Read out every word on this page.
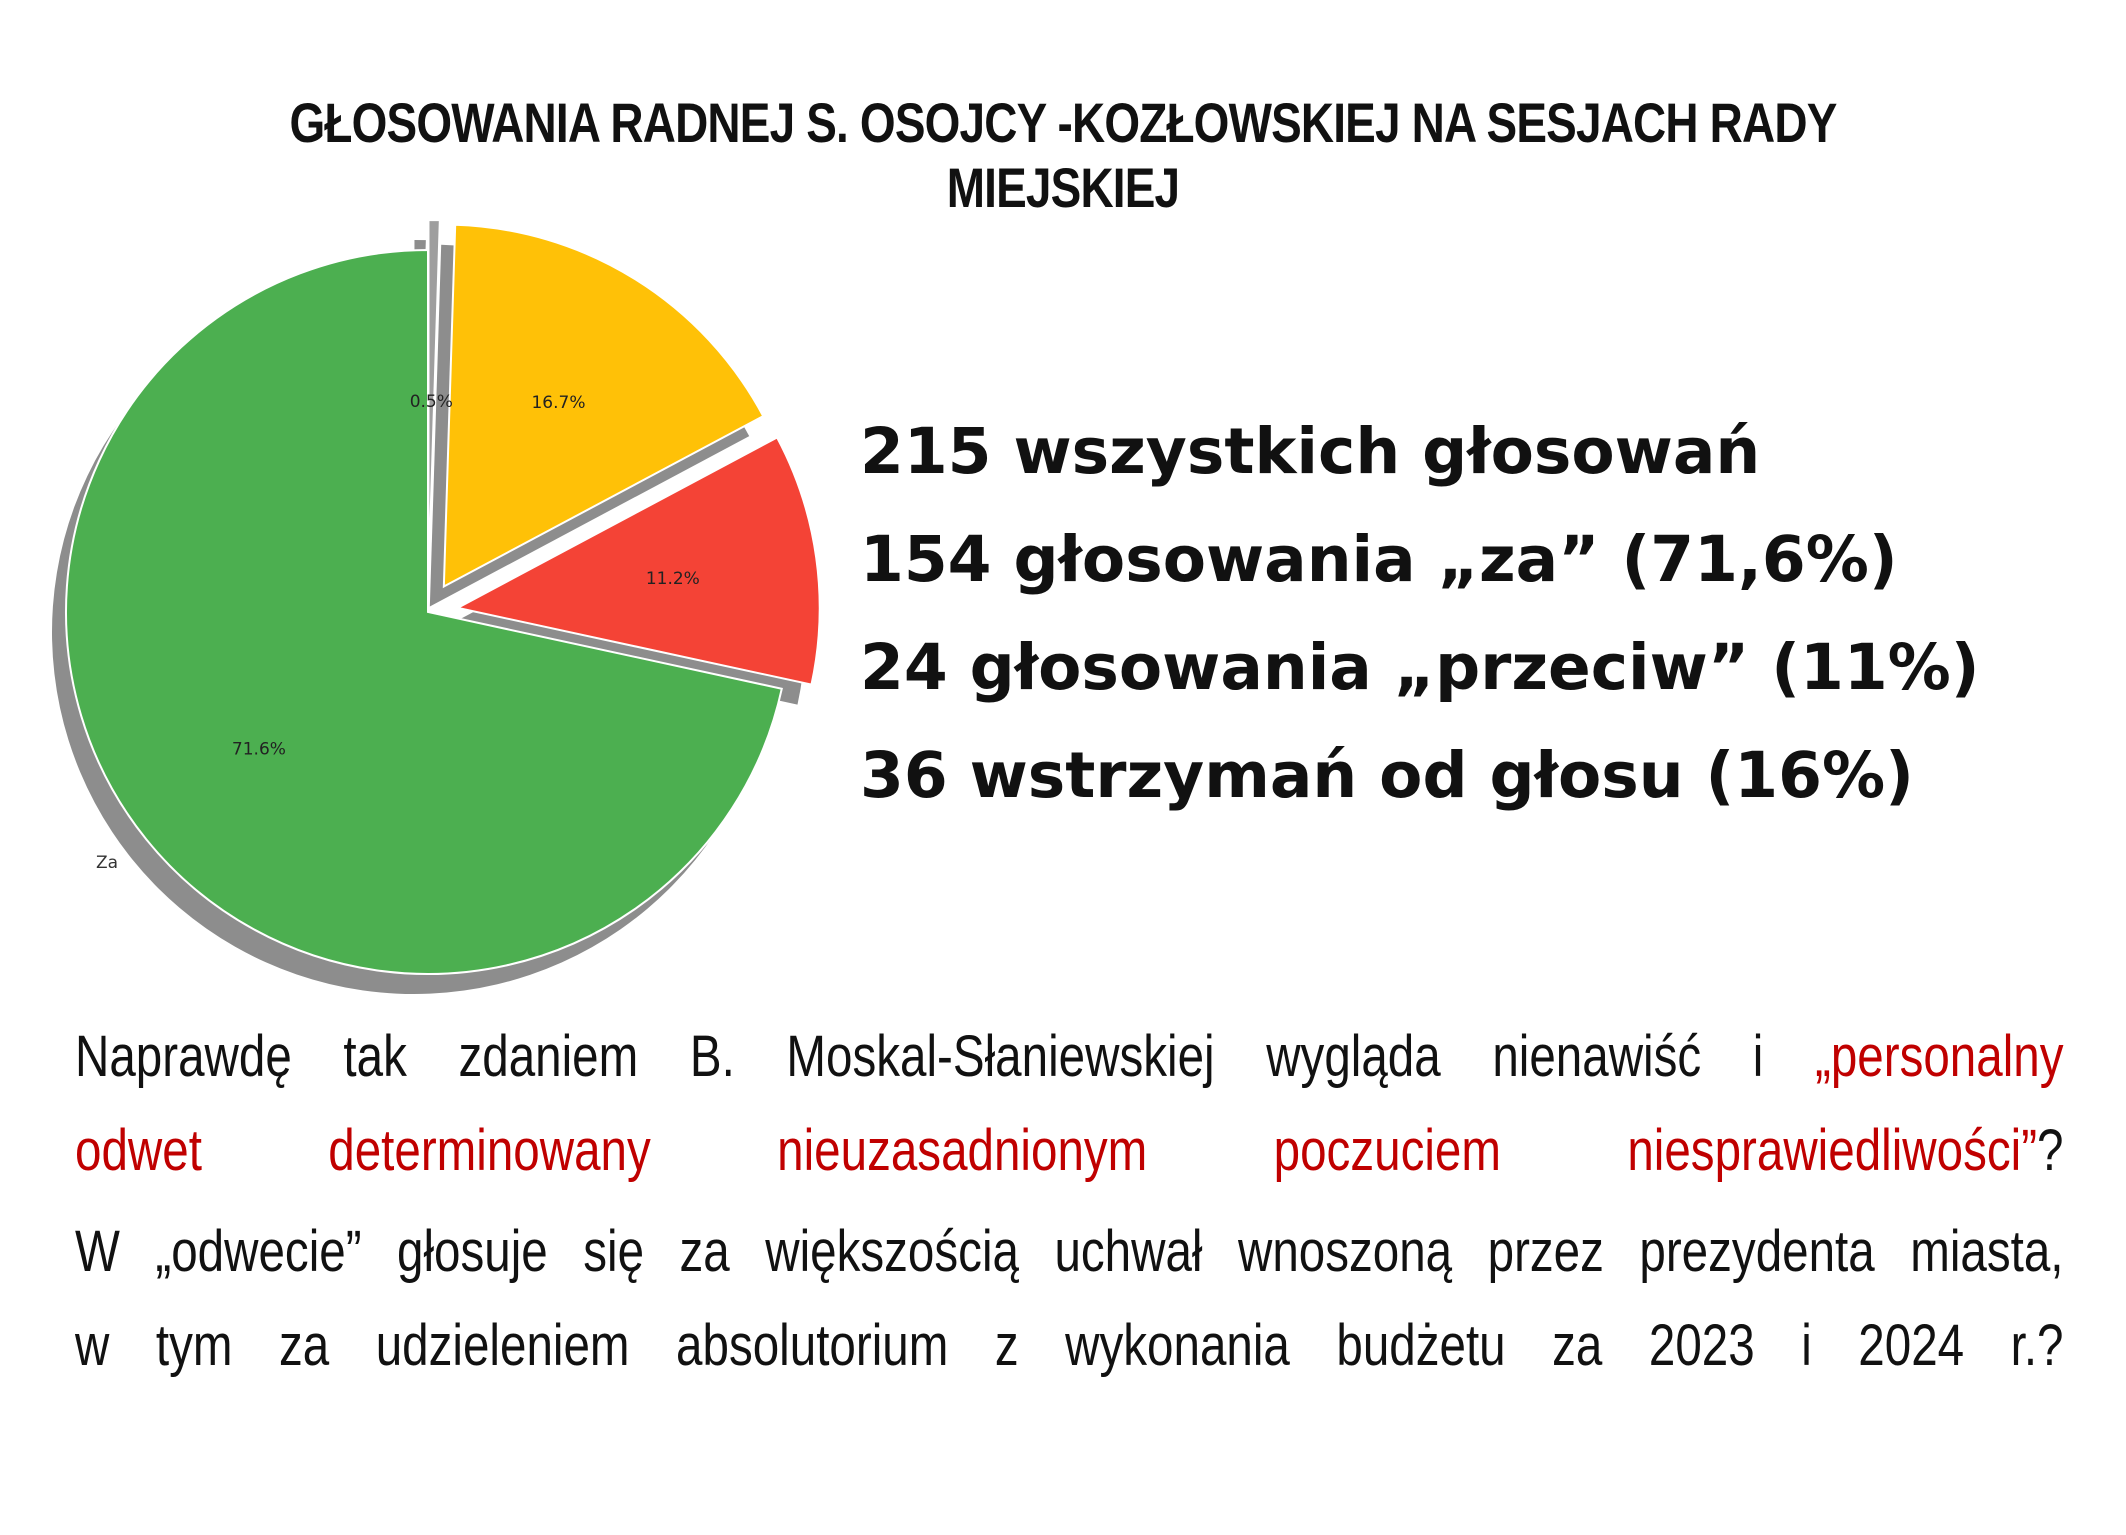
GŁOSOWANIA RADNEJ S. OSOJCY -KOZŁOWSKIEJ NA SESJACH RADY MIEJSKIEJ
71.6%
Za
11.2%
16.7%
0.5%
215 wszystkich głosowań
154 głosowania „za” (71,6%)
24 głosowania „przeciw” (11%)
36 wstrzymań od głosu (16%)
Naprawdę tak zdaniem B. Moskal-Słaniewskiej wygląda nienawiść i „personalny
odwet determinowany nieuzasadnionym poczuciem niesprawiedliwości”?
W „odwecie” głosuje się za większością uchwał wnoszoną przez prezydenta miasta,
w tym za udzieleniem absolutorium z wykonania budżetu za 2023 i 2024 r.?
